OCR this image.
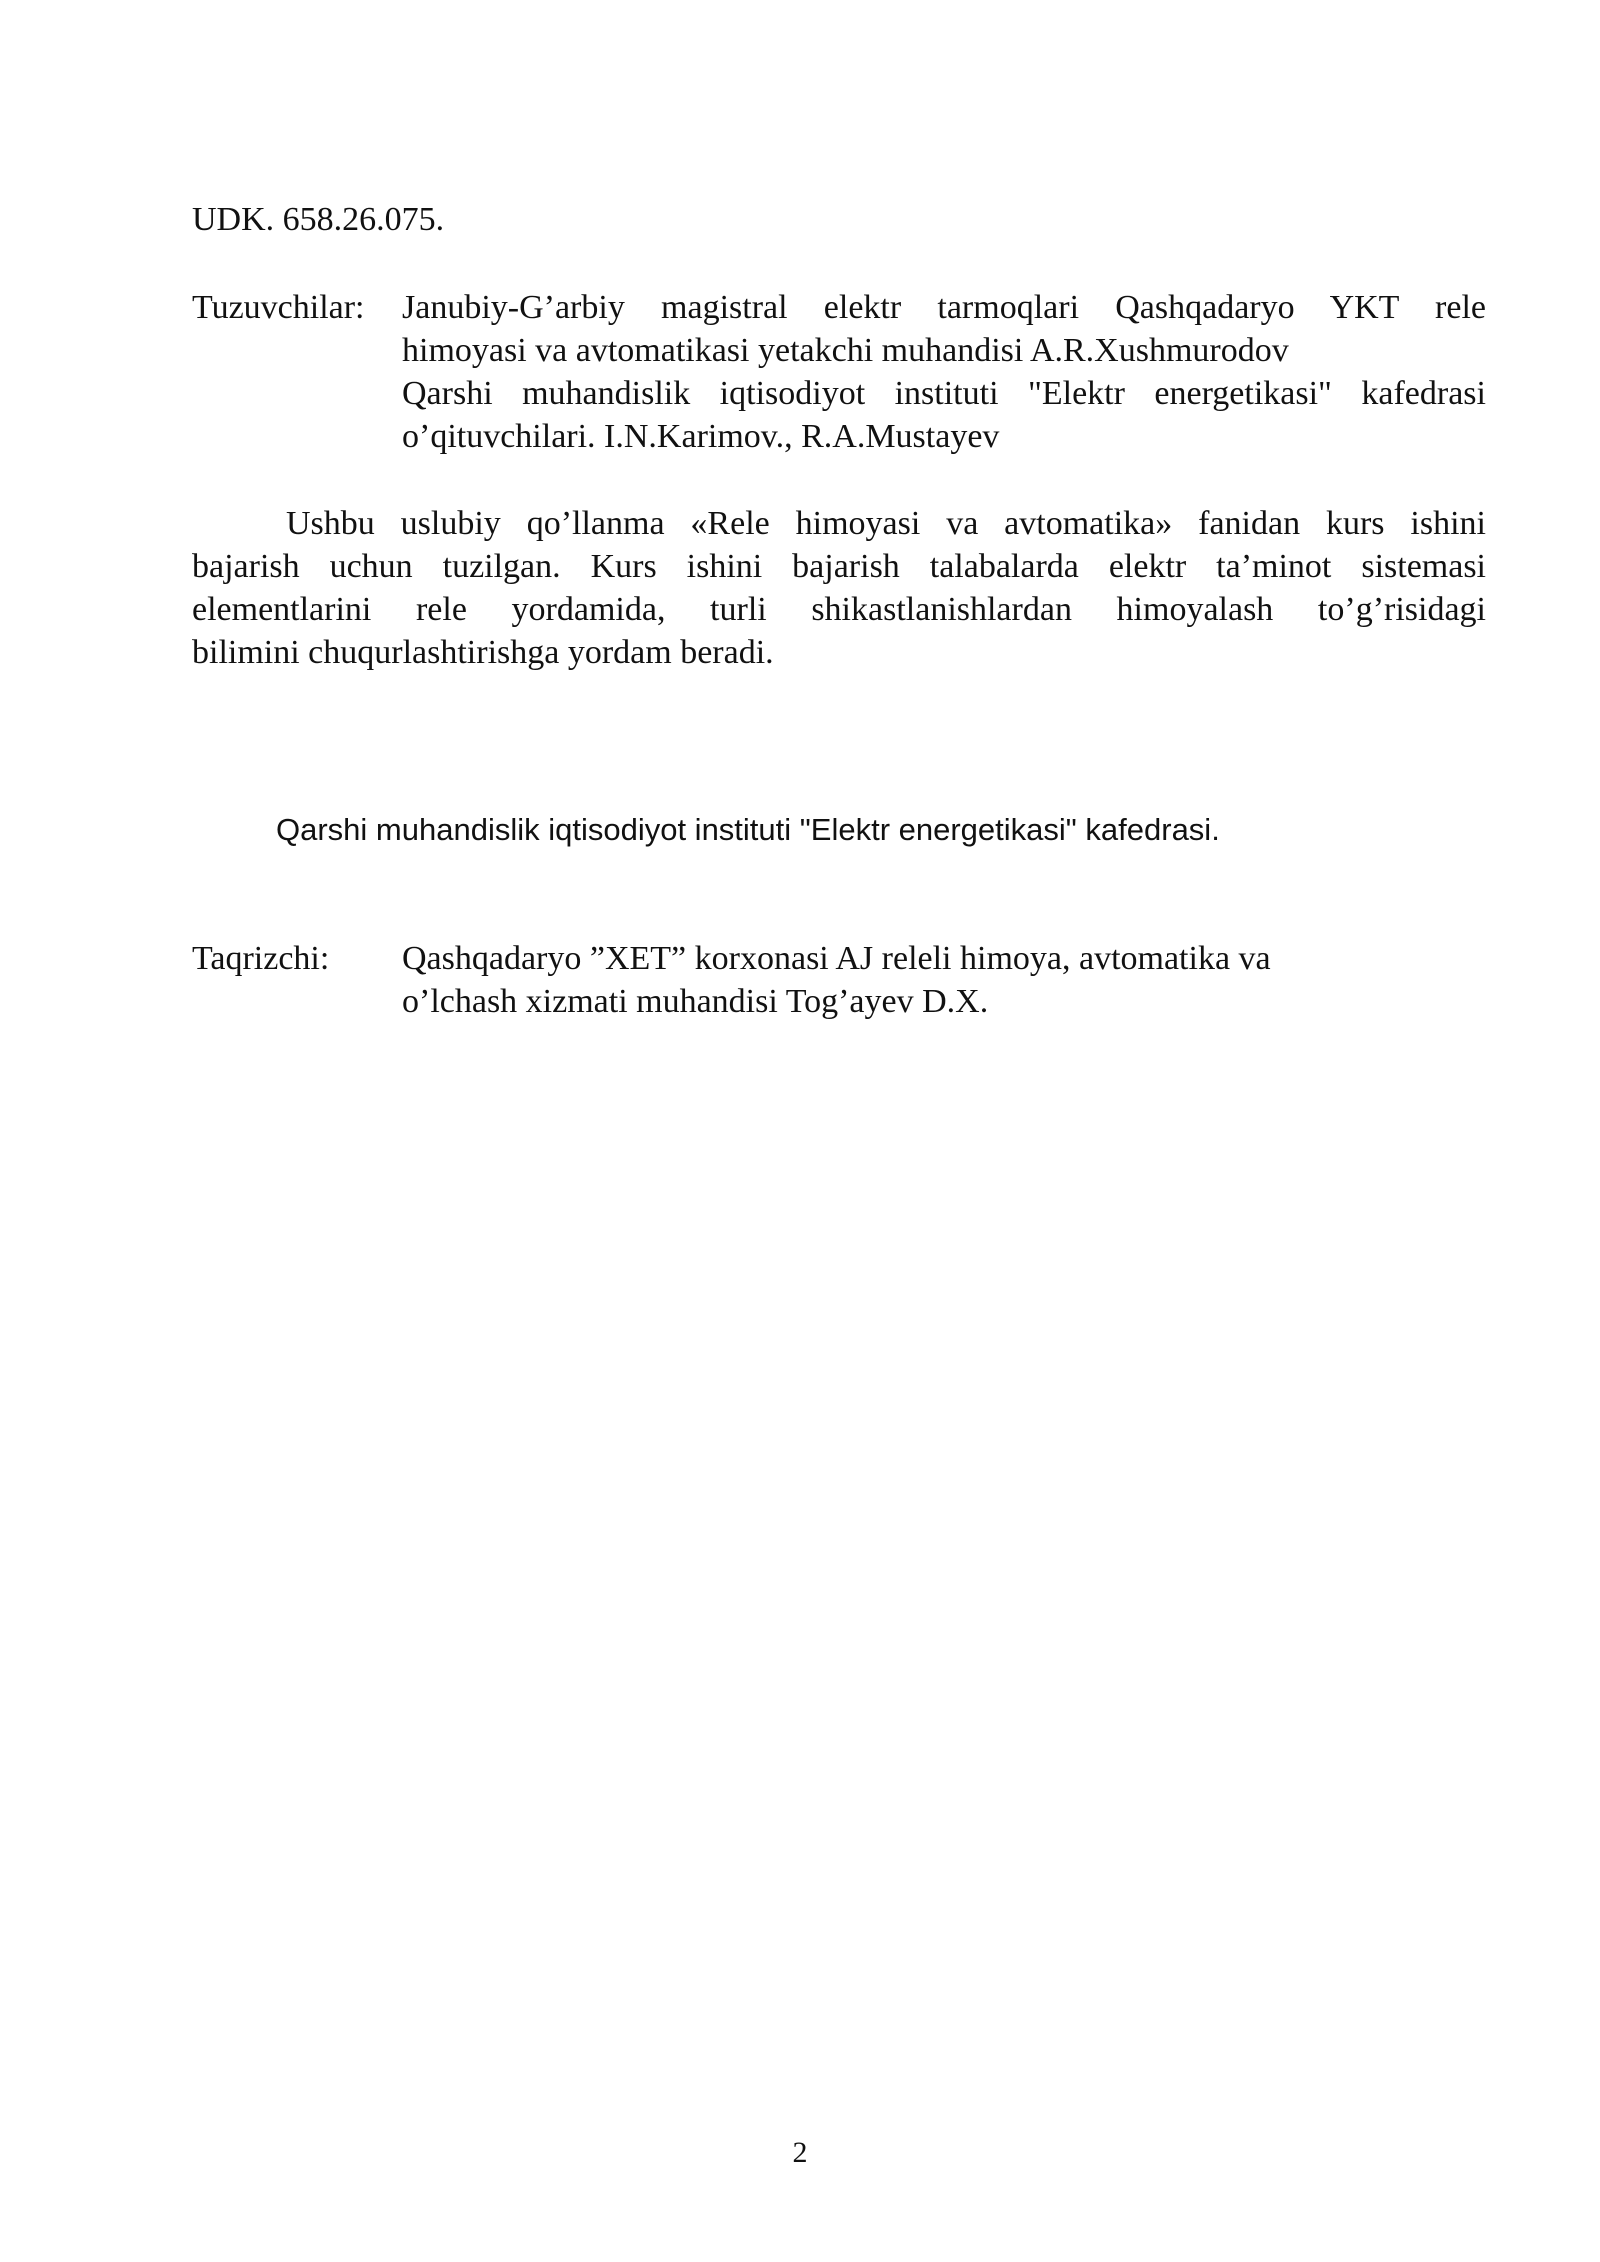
UDK. 658.26.075.

Tuzuvchilar:	Janubiy-G’arbiy magistral elektr tarmoqlari Qashqadaryo YKT rele
himoyasi va avtomatikasi yetakchi muhandisi A.R.Xushmurodov
Qarshi muhandislik iqtisodiyot instituti "Elektr energetikasi" kafedrasi
o’qituvchilari. I.N.Karimov., R.A.Mustayev
Ushbu uslubiy qo’llanma «Rele himoyasi va avtomatika» fanidan kurs ishini
bajarish uchun tuzilgan. Kurs ishini bajarish talabalarda elektr ta’minot sistemasi
elementlarini rele yordamida, turli shikastlanishlardan himoyalash to’g’risidagi
bilimini chuqurlashtirishga yordam beradi.

Qarshi muhandislik iqtisodiyot instituti "Elektr energetikasi" kafedrasi.

Taqrizchi:	Qashqadaryo ”XET” korxonasi AJ releli himoya, avtomatika va
o’lchash xizmati muhandisi Tog’ayev D.X.
2
